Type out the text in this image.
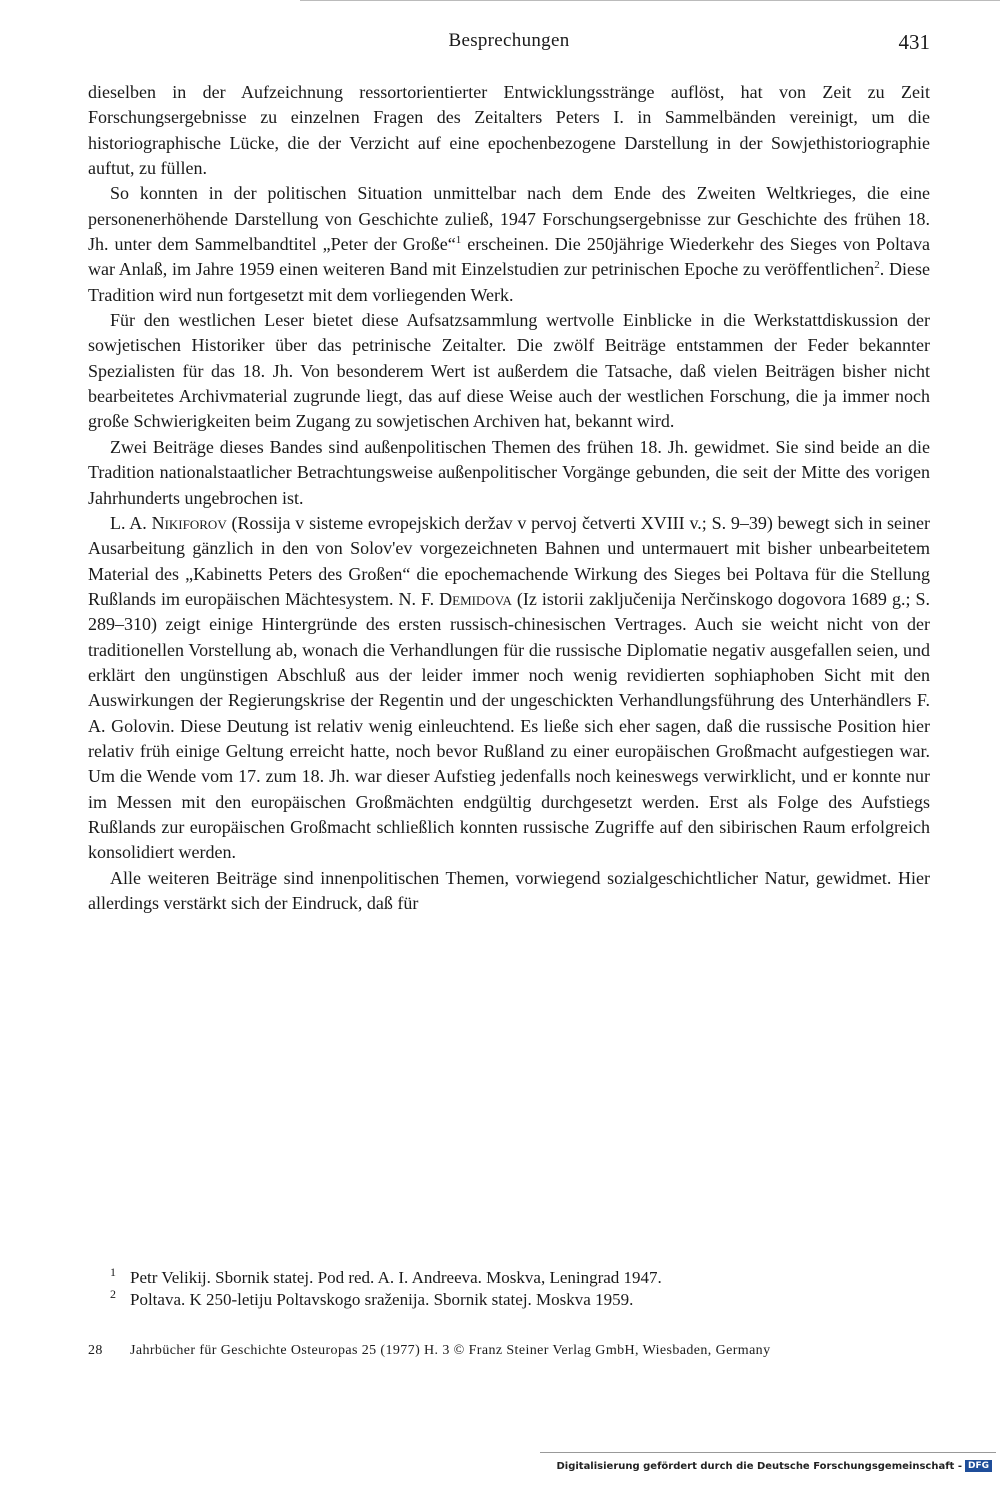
Besprechungen	431

dieselben in der Aufzeichnung ressortorientierter Entwicklungsstränge auflöst, hat von Zeit zu Zeit Forschungsergebnisse zu einzelnen Fragen des Zeitalters Peters I. in Sammelbänden vereinigt, um die historiographische Lücke, die der Verzicht auf eine epochenbezogene Darstellung in der Sowjethistoriographie auftut, zu füllen.

So konnten in der politischen Situation unmittelbar nach dem Ende des Zweiten Weltkrieges, die eine personenerhöhende Darstellung von Geschichte zuließ, 1947 Forschungsergebnisse zur Geschichte des frühen 18. Jh. unter dem Sammelbandtitel „Peter der Große“$^1$ erscheinen. Die 250jährige Wiederkehr des Sieges von Poltava war Anlaß, im Jahre 1959 einen weiteren Band mit Einzelstudien zur petrinischen Epoche zu veröffentlichen$^2$. Diese Tradition wird nun fortgesetzt mit dem vorliegenden Werk.

Für den westlichen Leser bietet diese Aufsatzsammlung wertvolle Einblicke in die Werkstattdiskussion der sowjetischen Historiker über das petrinische Zeitalter. Die zwölf Beiträge entstammen der Feder bekannter Spezialisten für das 18. Jh. Von besonderem Wert ist außerdem die Tatsache, daß vielen Beiträgen bisher nicht bearbeitetes Archivmaterial zugrunde liegt, das auf diese Weise auch der westlichen Forschung, die ja immer noch große Schwierigkeiten beim Zugang zu sowjetischen Archiven hat, bekannt wird.

Zwei Beiträge dieses Bandes sind außenpolitischen Themen des frühen 18. Jh. gewidmet. Sie sind beide an die Tradition nationalstaatlicher Betrachtungsweise außenpolitischer Vorgänge gebunden, die seit der Mitte des vorigen Jahrhunderts ungebrochen ist.

L. A. Nikiforov (Rossija v sisteme evropejskich deržav v pervoj četverti XVIII v.; S. 9–39) bewegt sich in seiner Ausarbeitung gänzlich in den von Solov'ev vorgezeichneten Bahnen und untermauert mit bisher unbearbeitetem Material des „Kabinetts Peters des Großen“ die epochemachende Wirkung des Sieges bei Poltava für die Stellung Rußlands im europäischen Mächtesystem. N. F. Demidova (Iz istorii zaključenija Nerčinskogo dogovora 1689 g.; S. 289–310) zeigt einige Hintergründe des ersten russisch-chinesischen Vertrages. Auch sie weicht nicht von der traditionellen Vorstellung ab, wonach die Verhandlungen für die russische Diplomatie negativ ausgefallen seien, und erklärt den ungünstigen Abschluß aus der leider immer noch wenig revidierten sophiaphoben Sicht mit den Auswirkungen der Regierungskrise der Regentin und der ungeschickten Verhandlungsführung des Unterhändlers F. A. Golovin. Diese Deutung ist relativ wenig einleuchtend. Es ließe sich eher sagen, daß die russische Position hier relativ früh einige Geltung erreicht hatte, noch bevor Rußland zu einer europäischen Großmacht aufgestiegen war. Um die Wende vom 17. zum 18. Jh. war dieser Aufstieg jedenfalls noch keineswegs verwirklicht, und er konnte nur im Messen mit den europäischen Großmächten endgültig durchgesetzt werden. Erst als Folge des Aufstiegs Rußlands zur europäischen Großmacht schließlich konnten russische Zugriffe auf den sibirischen Raum erfolgreich konsolidiert werden.

Alle weiteren Beiträge sind innenpolitischen Themen, vorwiegend sozialgeschichtlicher Natur, gewidmet. Hier allerdings verstärkt sich der Eindruck, daß für

1 Petr Velikij. Sbornik statej. Pod red. A. I. Andreeva. Moskva, Leningrad 1947.
2 Poltava. K 250-letiju Poltavskogo sraženija. Sbornik statej. Moskva 1959.
28 Jahrbücher für Geschichte Osteuropas 25 (1977) H. 3 © Franz Steiner Verlag GmbH, Wiesbaden, Germany
Digitalisierung gefördert durch die Deutsche Forschungsgemeinschaft - DFG
